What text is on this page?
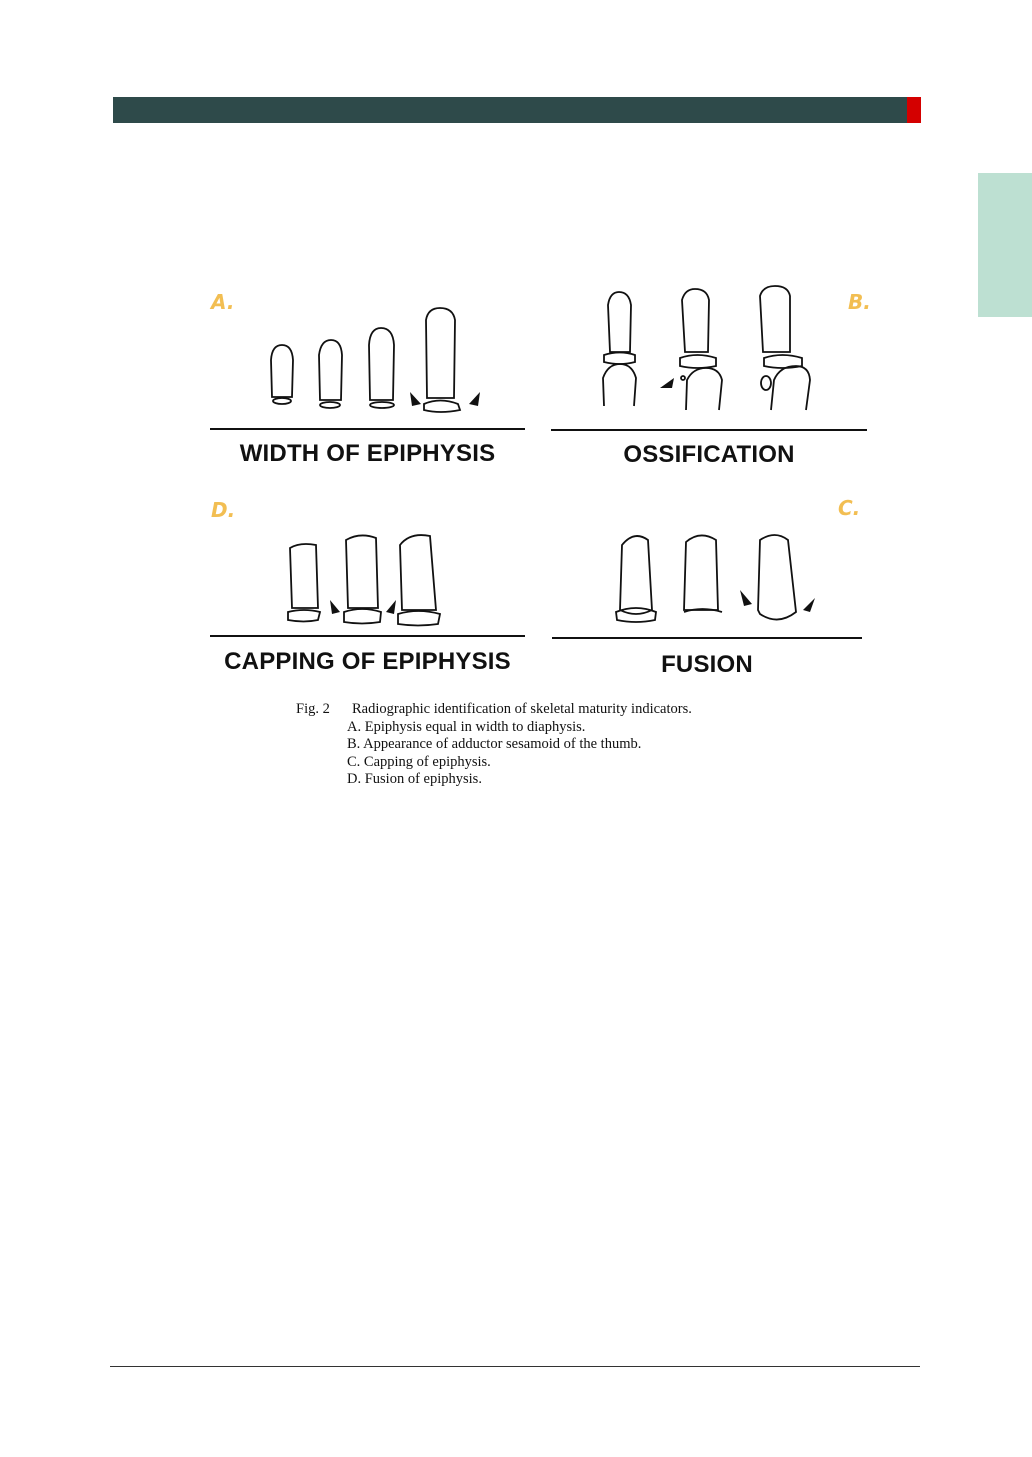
A.
WIDTH OF EPIPHYSIS
B.
OSSIFICATION
D.
CAPPING OF EPIPHYSIS
C.
FUSION
Fig. 2	Radiographic identification of skeletal maturity indicators.
A. Epiphysis equal in width to diaphysis.
B. Appearance of adductor sesamoid of the thumb.
C. Capping of epiphysis.
D. Fusion of epiphysis.
